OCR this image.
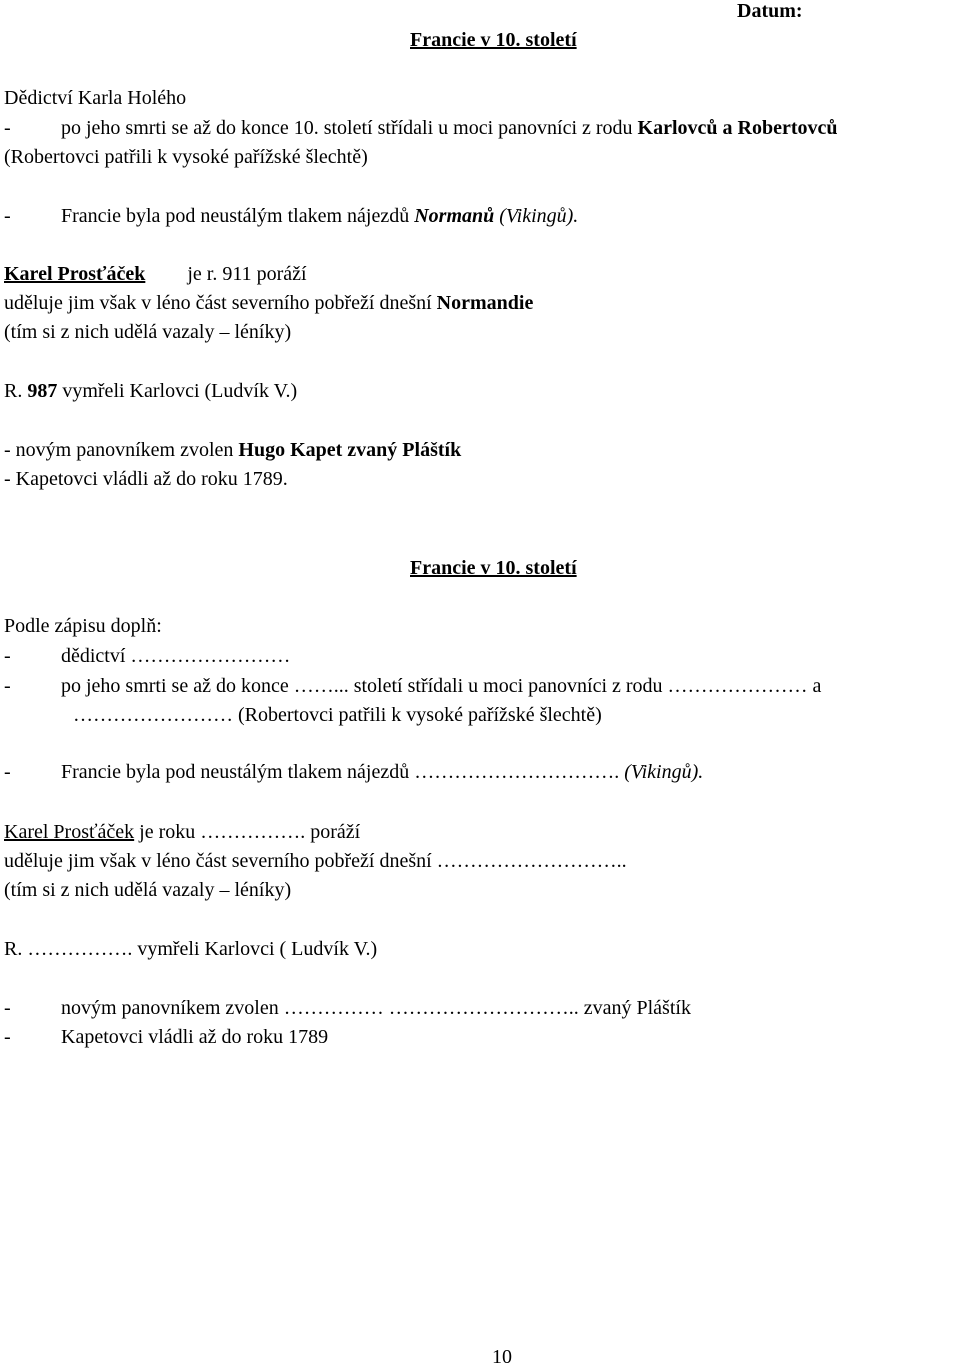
Datum:
Francie v 10. století
Dědictví Karla Holého
-	po jeho smrti se až do konce 10. století střídali u moci panovníci z rodu Karlovců a Robertovců
(Robertovci patřili k vysoké pařížské šlechtě)
-	Francie byla pod neustálým tlakem nájezdů Normanů (Vikingů).
Karel Prosťáček je r. 911 poráží
uděluje jim však v léno část severního pobřeží dnešní Normandie
(tím si z nich udělá vazaly – léníky)
R. 987 vymřeli Karlovci (Ludvík V.)
- novým panovníkem zvolen Hugo Kapet zvaný Pláštík
- Kapetovci vládli až do roku 1789.
Francie v 10. století
Podle zápisu doplň:
-	dědictví ……………………
-	po jeho smrti se až do konce ……... století střídali u moci panovníci z rodu ………………… a
…………………… (Robertovci patřili k vysoké pařížské šlechtě)
-	Francie byla pod neustálým tlakem nájezdů …………………………. (Vikingů).
Karel Prosťáček je roku ……………. poráží
uděluje jim však v léno část severního pobřeží dnešní ………………………..
(tím si z nich udělá vazaly – léníky)
R. ……………. vymřeli Karlovci ( Ludvík V.)
-	novým panovníkem zvolen …………… ……………………….. zvaný Pláštík
-	Kapetovci vládli až do roku 1789
10
